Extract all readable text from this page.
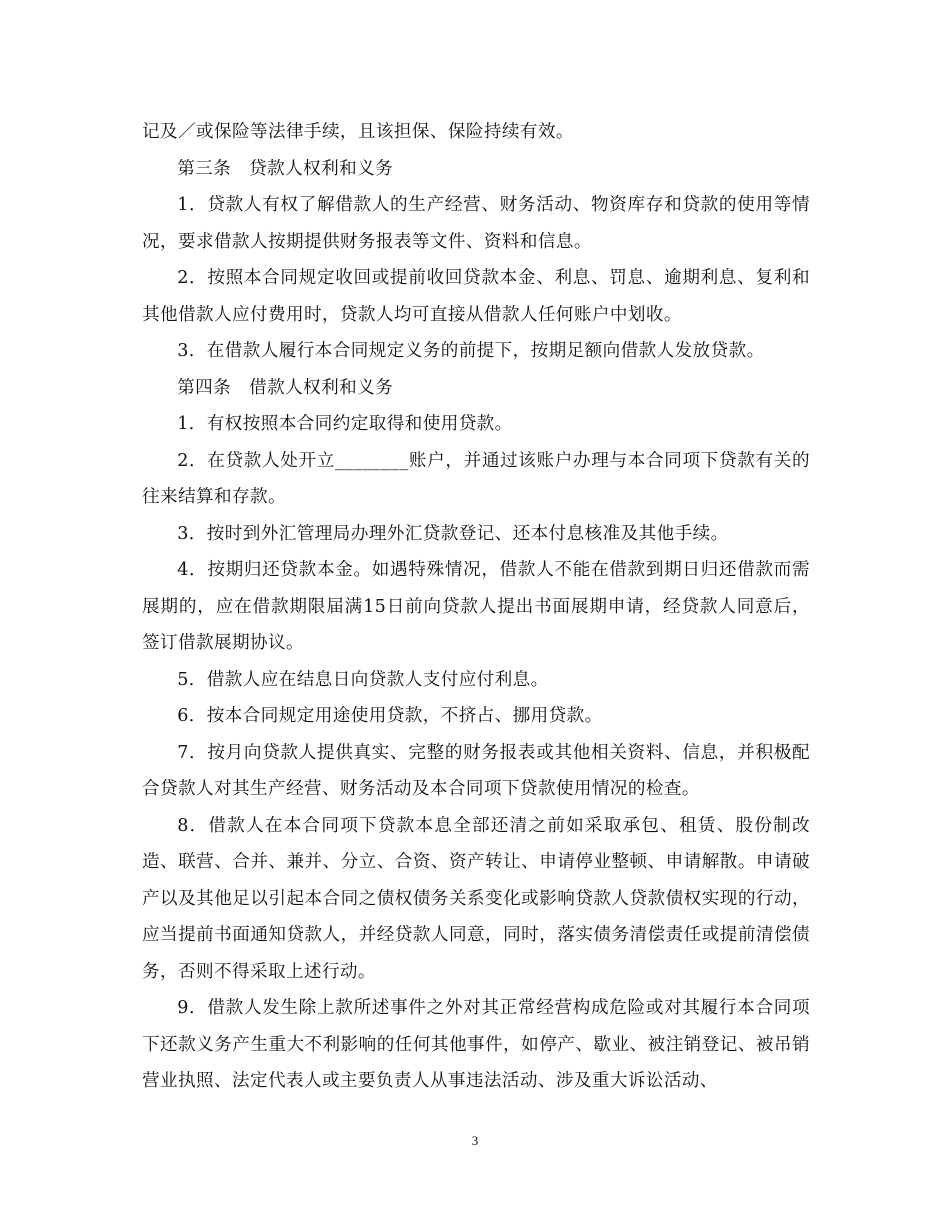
记及／或保险等法律手续，且该担保、保险持续有效。

第三条　贷款人权利和义务

1．贷款人有权了解借款人的生产经营、财务活动、物资库存和贷款的使用等情况，要求借款人按期提供财务报表等文件、资料和信息。

2．按照本合同规定收回或提前收回贷款本金、利息、罚息、逾期利息、复利和其他借款人应付费用时，贷款人均可直接从借款人任何账户中划收。

3．在借款人履行本合同规定义务的前提下，按期足额向借款人发放贷款。

第四条　借款人权利和义务

1．有权按照本合同约定取得和使用贷款。

2．在贷款人处开立________账户，并通过该账户办理与本合同项下贷款有关的往来结算和存款。

3．按时到外汇管理局办理外汇贷款登记、还本付息核准及其他手续。

4．按期归还贷款本金。如遇特殊情况，借款人不能在借款到期日归还借款而需展期的，应在借款期限届满15日前向贷款人提出书面展期申请，经贷款人同意后，签订借款展期协议。

5．借款人应在结息日向贷款人支付应付利息。

6．按本合同规定用途使用贷款，不挤占、挪用贷款。

7．按月向贷款人提供真实、完整的财务报表或其他相关资料、信息，并积极配合贷款人对其生产经营、财务活动及本合同项下贷款使用情况的检查。

8．借款人在本合同项下贷款本息全部还清之前如采取承包、租赁、股份制改造、联营、合并、兼并、分立、合资、资产转让、申请停业整顿、申请解散。申请破产以及其他足以引起本合同之债权债务关系变化或影响贷款人贷款债权实现的行动，应当提前书面通知贷款人，并经贷款人同意，同时，落实债务清偿责任或提前清偿债务，否则不得采取上述行动。

9．借款人发生除上款所述事件之外对其正常经营构成危险或对其履行本合同项下还款义务产生重大不利影响的任何其他事件，如停产、歇业、被注销登记、被吊销营业执照、法定代表人或主要负责人从事违法活动、涉及重大诉讼活动、

3
